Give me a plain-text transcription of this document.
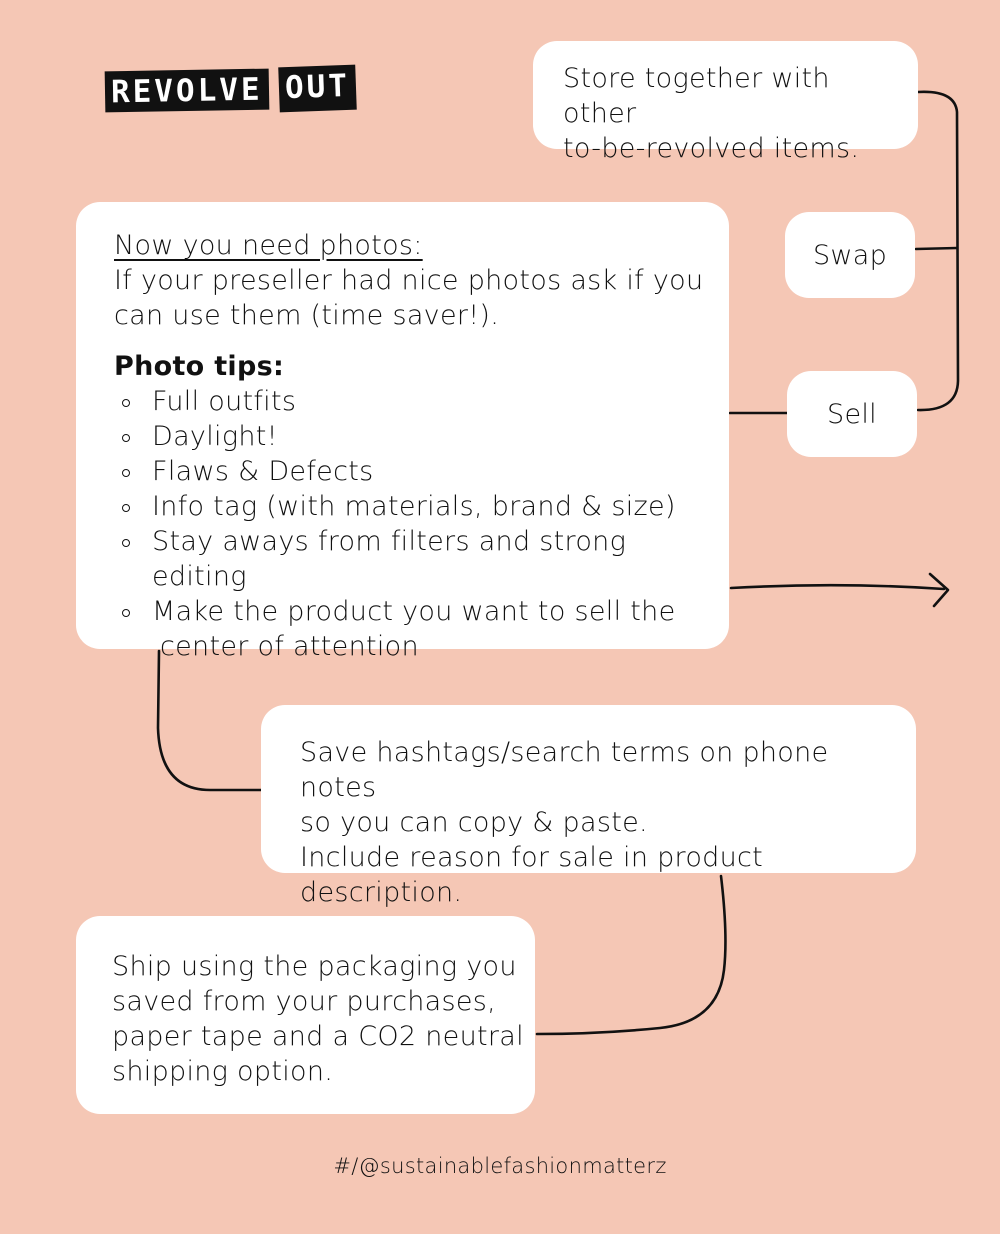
REVOLVE OUT	Store together with other
to-be-revolved items.
Swap
Sell
Now you need photos:
If your preseller had nice photos ask if you
can use them (time saver!).
Photo tips:
Full outfits
Daylight!
Flaws & Defects
Info tag (with materials, brand & size)
Stay aways from filters and strong editing
Make the product you want to sell the
center of attention
Save hashtags/search terms on phone notes
so you can copy & paste.
Include reason for sale in product description.
Ship using the packaging you
saved from your purchases,
paper tape and a CO2 neutral
shipping option.
#/@sustainablefashionmatterz
